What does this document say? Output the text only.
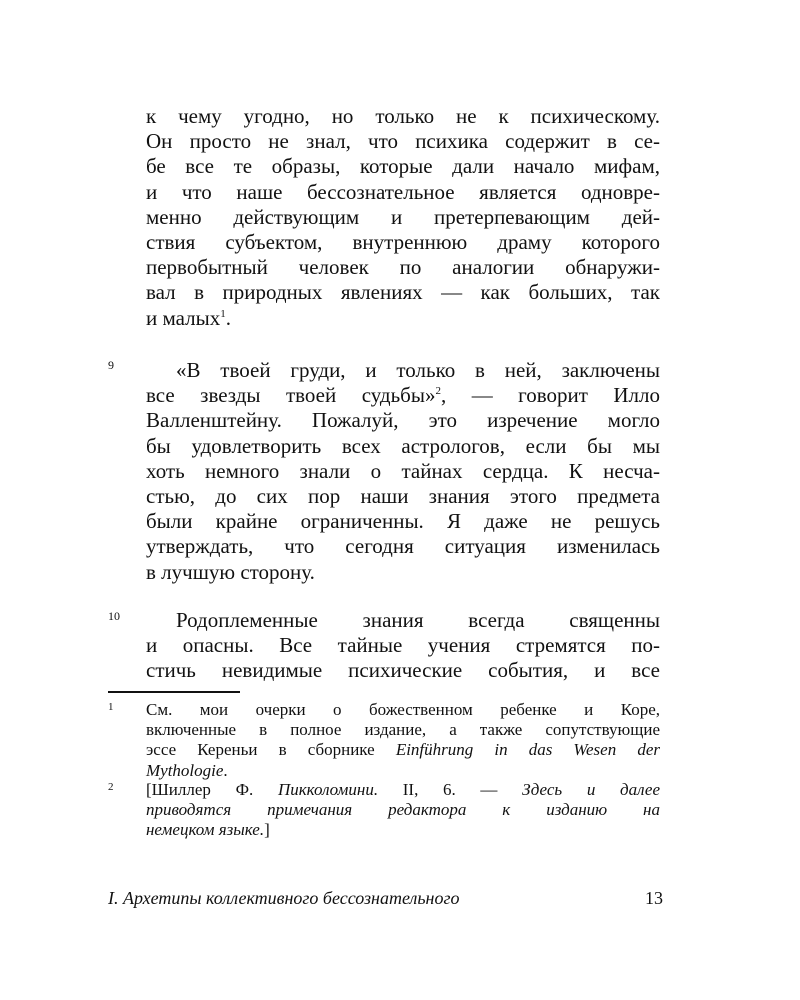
к чему угодно, но только не к психическому.
Он просто не знал, что психика содержит в се-
бе все те образы, которые дали начало мифам,
и что наше бессознательное является одновре-
менно действующим и претерпевающим дей-
ствия субъектом, внутреннюю драму которого
первобытный человек по аналогии обнаружи-
вал в природных явлениях — как больших, так
и малых$^1$.
9	«В твоей груди, и только в ней, заключены
все звезды твоей судьбы»$^2$, — говорит Илло
Валленштейну. Пожалуй, это изречение могло
бы удовлетворить всех астрологов, если бы мы
хоть немного знали о тайнах сердца. К несча-
стью, до сих пор наши знания этого предмета
были крайне ограниченны. Я даже не решусь
утверждать, что сегодня ситуация изменилась
в лучшую сторону.
10	Родоплеменные знания всегда священны
и опасны. Все тайные учения стремятся по-
стичь невидимые психические события, и все
1 См. мои очерки о божественном ребенке и Коре,
включенные в полное издание, а также сопутствующие
эссе Кереньи в сборнике Einführung in das Wesen der
Mythologie.
2 [Шиллер Ф. Пикколомини. II, 6. — Здесь и далее
приводятся примечания редактора к изданию на
немецком языке.]
I. Архетипы коллективного бессознательного	13
